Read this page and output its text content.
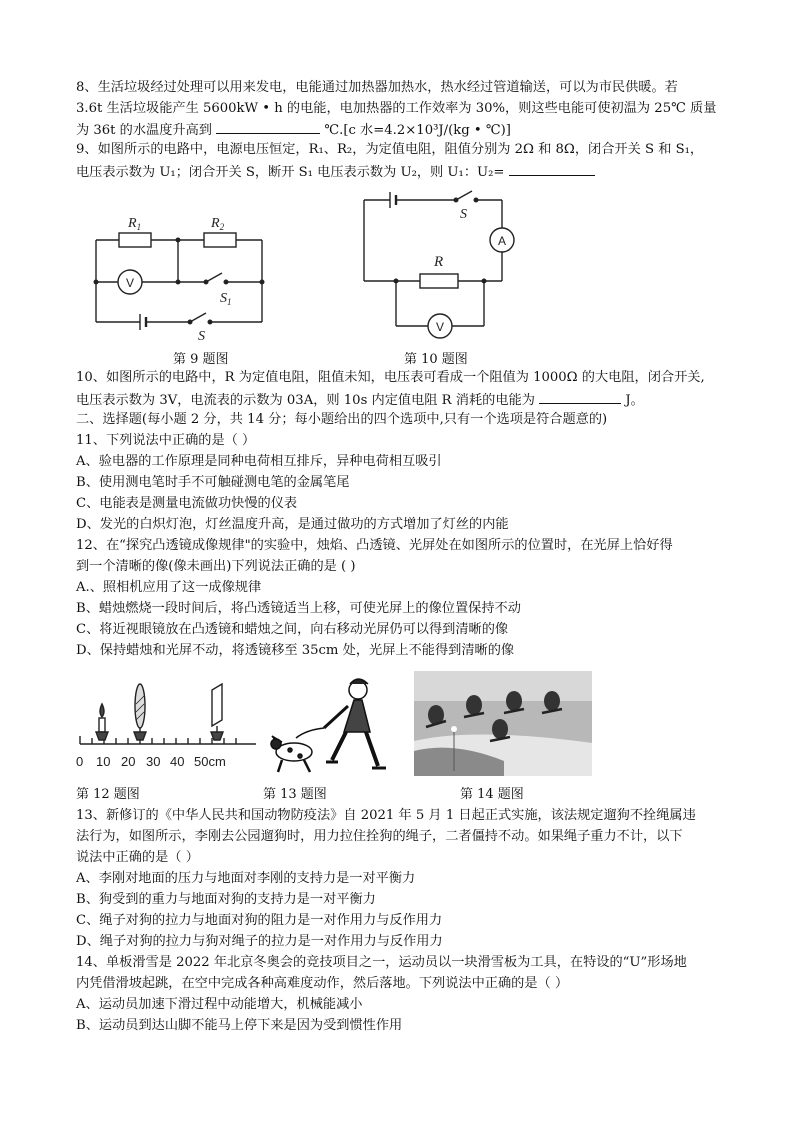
8、生活垃圾经过处理可以用来发电，电能通过加热器加热水，热水经过管道输送，可以为市民供暖。若
3.6t 生活垃圾能产生 5600kW • h 的电能，电加热器的工作效率为 30%，则这些电能可使初温为 25℃ 质量
为 36t 的水温度升高到	℃.[c 水=4.2×10³J/(kg • ℃)]
9、如图所示的电路中，电源电压恒定，R₁、R₂，为定值电阻，阻值分别为 2Ω 和 8Ω，闭合开关 S 和 S₁，
电压表示数为 U₁；闭合开关 S，断开 S₁ 电压表示数为 U₂，则 U₁：U₂=
$R_1$	$R_2$
$S_1$
S
V
第 9 题图
S
A
R
V
第 10 题图
10、如图所示的电路中，R 为定值电阻，阻值未知，电压表可看成一个阻值为 1000Ω 的大电阻，闭合开关,
电压表示数为 3V，电流表的示数为 03A，则 10s 内定值电阻 R 消耗的电能为	J。
二、选择题(每小题 2 分，共 14 分；每小题给出的四个选项中,只有一个选项是符合题意的)
11、下列说法中正确的是（ ）
A、验电器的工作原理是同种电荷相互排斥，异种电荷相互吸引
B、使用测电笔时手不可触碰测电笔的金属笔尾
C、电能表是测量电流做功快慢的仪表
D、发光的白炽灯泡，灯丝温度升高，是通过做功的方式增加了灯丝的内能
12、在“探究凸透镜成像规律"的实验中，烛焰、凸透镜、光屏处在如图所示的位置时，在光屏上恰好得
到一个清晰的像(像未画出)下列说法正确的是 ( )
A.、照相机应用了这一成像规律
B、蜡烛燃烧一段时间后，将凸透镜适当上移，可使光屏上的像位置保持不动
C、将近视眼镜放在凸透镜和蜡烛之间，向右移动光屏仍可以得到清晰的像
D、保持蜡烛和光屏不动，将透镜移至 35cm 处，光屏上不能得到清晰的像
0 10 20 30 40 50cm
第 12 题图	第 13 题图	第 14 题图
13、新修订的《中华人民共和国动物防疫法》自 2021 年 5 月 1 日起正式实施，该法规定遛狗不拴绳属违
法行为，如图所示，李刚去公园遛狗时，用力拉住拴狗的绳子，二者僵持不动。如果绳子重力不计，以下
说法中正确的是（ ）
A、李刚对地面的压力与地面对李刚的支持力是一对平衡力
B、狗受到的重力与地面对狗的支持力是一对平衡力
C、绳子对狗的拉力与地面对狗的阻力是一对作用力与反作用力
D、绳子对狗的拉力与狗对绳子的拉力是一对作用力与反作用力
14、单板滑雪是 2022 年北京冬奥会的竞技项目之一，运动员以一块滑雪板为工具，在特设的“U”形场地
内凭借滑坡起跳，在空中完成各种高难度动作，然后落地。下列说法中正确的是（ ）
A、运动员加速下滑过程中动能增大，机械能减小
B、运动员到达山脚不能马上停下来是因为受到惯性作用
